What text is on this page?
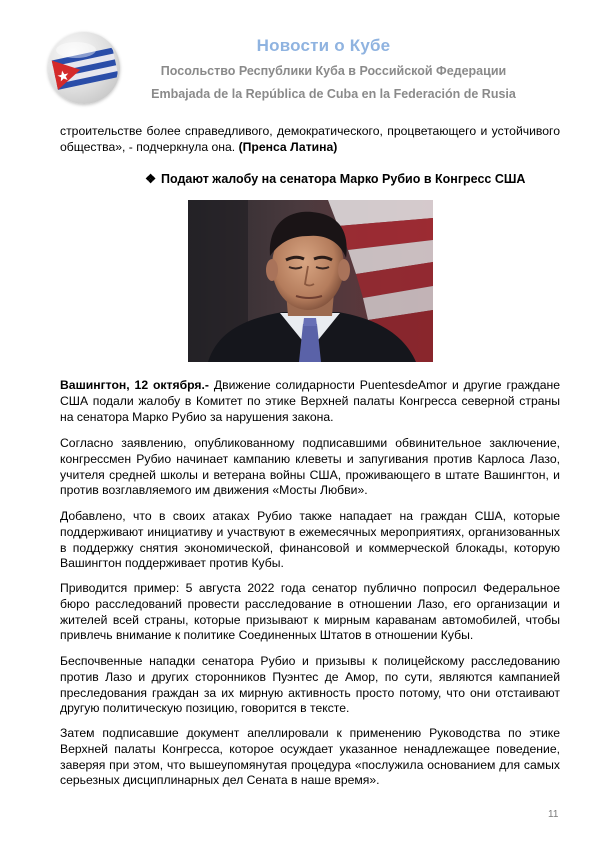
Новости о Кубе
Посольство Республики Куба в Российской Федерации
Embajada de la República de Cuba en la Federación de Rusia

строительстве более справедливого, демократического, процветающего и устойчивого общества», - подчеркнула она. (Пренса Латина)

❖ Подают жалобу на сенатора Марко Рубио в Конгресс США

Вашингтон, 12 октября.- Движение солидарности PuentesdeAmor и другие граждане США подали жалобу в Комитет по этике Верхней палаты Конгресса северной страны на сенатора Марко Рубио за нарушения закона.

Согласно заявлению, опубликованному подписавшими обвинительное заключение, конгрессмен Рубио начинает кампанию клеветы и запугивания против Карлоса Лазо, учителя средней школы и ветерана войны США, проживающего в штате Вашингтон, и против возглавляемого им движения «Мосты Любви».

Добавлено, что в своих атаках Рубио также нападает на граждан США, которые поддерживают инициативу и участвуют в ежемесячных мероприятиях, организованных в поддержку снятия экономической, финансовой и коммерческой блокады, которую Вашингтон поддерживает против Кубы.

Приводится пример: 5 августа 2022 года сенатор публично попросил Федеральное бюро расследований провести расследование в отношении Лазо, его организации и жителей всей страны, которые призывают к мирным караванам автомобилей, чтобы привлечь внимание к политике Соединенных Штатов в отношении Кубы.

Беспочвенные нападки сенатора Рубио и призывы к полицейскому расследованию против Лазо и других сторонников Пуэнтес де Амор, по сути, являются кампанией преследования граждан за их мирную активность просто потому, что они отстаивают другую политическую позицию, говорится в тексте.

Затем подписавшие документ апеллировали к применению Руководства по этике Верхней палаты Конгресса, которое осуждает указанное ненадлежащее поведение, заверяя при этом, что вышеупомянутая процедура «послужила основанием для самых серьезных дисциплинарных дел Сената в наше время».

11
